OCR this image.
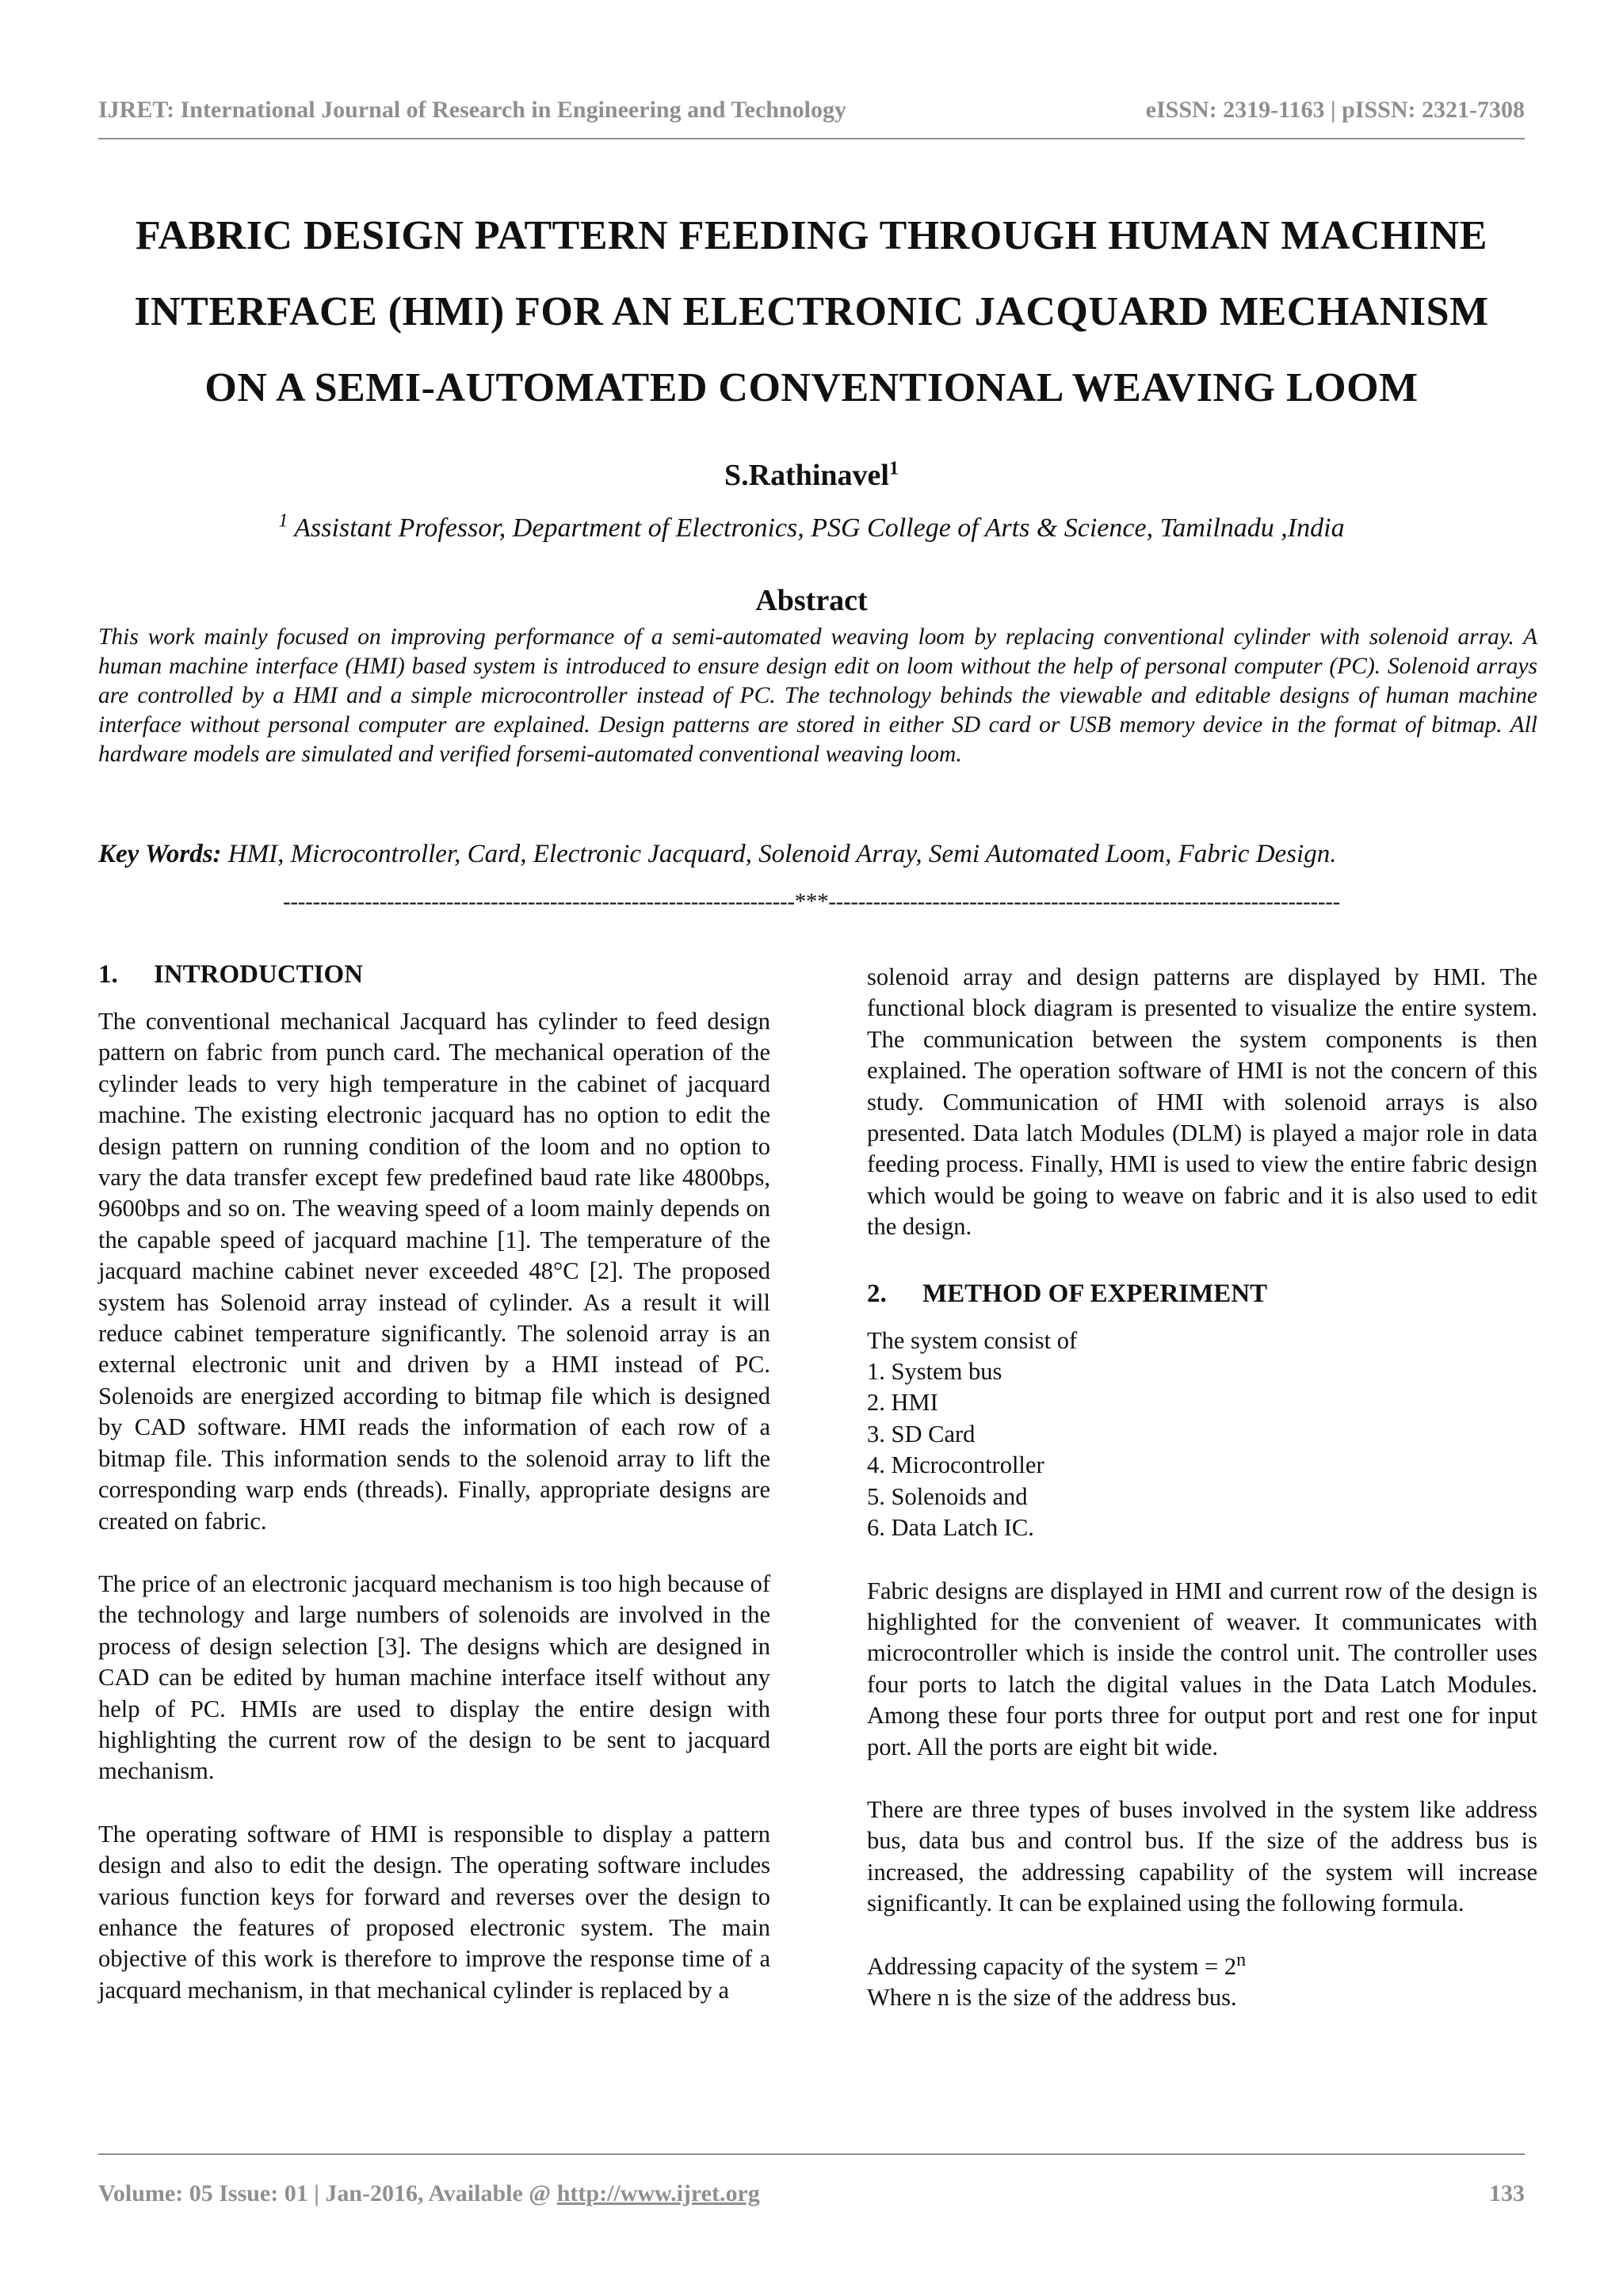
IJRET: International Journal of Research in Engineering and Technology	eISSN: 2319-1163 | pISSN: 2321-7308
FABRIC DESIGN PATTERN FEEDING THROUGH HUMAN MACHINE
INTERFACE (HMI) FOR AN ELECTRONIC JACQUARD MECHANISM
ON A SEMI-AUTOMATED CONVENTIONAL WEAVING LOOM
S.Rathinavel$^1$
$^1$ Assistant Professor, Department of Electronics, PSG College of Arts & Science, Tamilnadu ,India
Abstract
This work mainly focused on improving performance of a semi-automated weaving loom by replacing conventional cylinder with solenoid array. A human machine interface (HMI) based system is introduced to ensure design edit on loom without the help of personal computer (PC). Solenoid arrays are controlled by a HMI and a simple microcontroller instead of PC. The technology behinds the viewable and editable designs of human machine interface without personal computer are explained. Design patterns are stored in either SD card or USB memory device in the format of bitmap. All hardware models are simulated and verified forsemi-automated conventional weaving loom.
Key Words: HMI, Microcontroller, Card, Electronic Jacquard, Solenoid Array, Semi Automated Loom, Fabric Design.
---------------------------------------------------------------------***---------------------------------------------------------------------
1. INTRODUCTION

The conventional mechanical Jacquard has cylinder to feed design pattern on fabric from punch card. The mechanical operation of the cylinder leads to very high temperature in the cabinet of jacquard machine. The existing electronic jacquard has no option to edit the design pattern on running condition of the loom and no option to vary the data transfer except few predefined baud rate like 4800bps, 9600bps and so on. The weaving speed of a loom mainly depends on the capable speed of jacquard machine [1]. The temperature of the jacquard machine cabinet never exceeded 48°C [2]. The proposed system has Solenoid array instead of cylinder. As a result it will reduce cabinet temperature significantly. The solenoid array is an external electronic unit and driven by a HMI instead of PC. Solenoids are energized according to bitmap file which is designed by CAD software. HMI reads the information of each row of a bitmap file. This information sends to the solenoid array to lift the corresponding warp ends (threads). Finally, appropriate designs are created on fabric.

The price of an electronic jacquard mechanism is too high because of the technology and large numbers of solenoids are involved in the process of design selection [3]. The designs which are designed in CAD can be edited by human machine interface itself without any help of PC. HMIs are used to display the entire design with highlighting the current row of the design to be sent to jacquard mechanism.

The operating software of HMI is responsible to display a pattern design and also to edit the design. The operating software includes various function keys for forward and reverses over the design to enhance the features of proposed electronic system. The main objective of this work is therefore to improve the response time of a jacquard mechanism, in that mechanical cylinder is replaced by a

solenoid array and design patterns are displayed by HMI. The functional block diagram is presented to visualize the entire system. The communication between the system components is then explained. The operation software of HMI is not the concern of this study. Communication of HMI with solenoid arrays is also presented. Data latch Modules (DLM) is played a major role in data feeding process. Finally, HMI is used to view the entire fabric design which would be going to weave on fabric and it is also used to edit the design.

2. METHOD OF EXPERIMENT

The system consist of

1. System bus
2. HMI
3. SD Card
4. Microcontroller
5. Solenoids and
6. Data Latch IC.

Fabric designs are displayed in HMI and current row of the design is highlighted for the convenient of weaver. It communicates with microcontroller which is inside the control unit. The controller uses four ports to latch the digital values in the Data Latch Modules. Among these four ports three for output port and rest one for input port. All the ports are eight bit wide.

There are three types of buses involved in the system like address bus, data bus and control bus. If the size of the address bus is increased, the addressing capability of the system will increase significantly. It can be explained using the following formula.

Addressing capacity of the system = $2^n$

Where n is the size of the address bus.

Volume: 05 Issue: 01 | Jan-2016, Available @ http://www.ijret.org	133
